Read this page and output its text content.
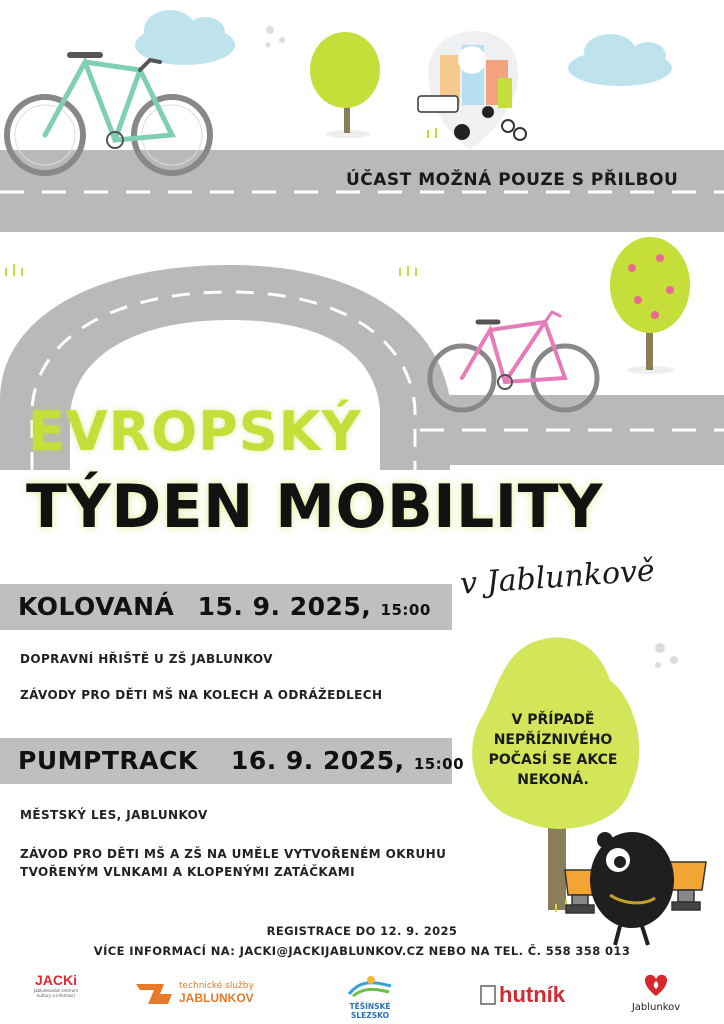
ÚČAST MOŽNÁ POUZE S PŘILBOU
EVROPSKÝ
TÝDEN MOBILITY
v Jablunkově
KOLOVANÁ 15. 9. 2025, 15:00
DOPRAVNÍ HŘIŠTĚ U ZŠ JABLUNKOV
ZÁVODY PRO DĚTI MŠ NA KOLECH A ODRÁŽEDLECH
PUMPTRACK 16. 9. 2025, 15:00
MĚSTSKÝ LES, JABLUNKOV
ZÁVOD PRO DĚTI MŠ A ZŠ NA UMĚLE VYTVOŘENÉM OKRUHU
TVOŘENÝM VLNKAMI A KLOPENÝMI ZATÁČKAMI
V PŘÍPADĚ NEPŘÍZNIVÉHO POČASÍ SE AKCE NEKONÁ.
REGISTRACE DO 12. 9. 2025
VÍCE INFORMACÍ NA: JACKI@JACKIJABLUNKOV.CZ NEBO NA TEL. Č. 558 358 013
JACKi
Jablunkovské centrum kultury a informací
technické služby
JABLUNKOV
TĚŠÍNSKÉ SLEZSKO
hutník
Jablunkov
